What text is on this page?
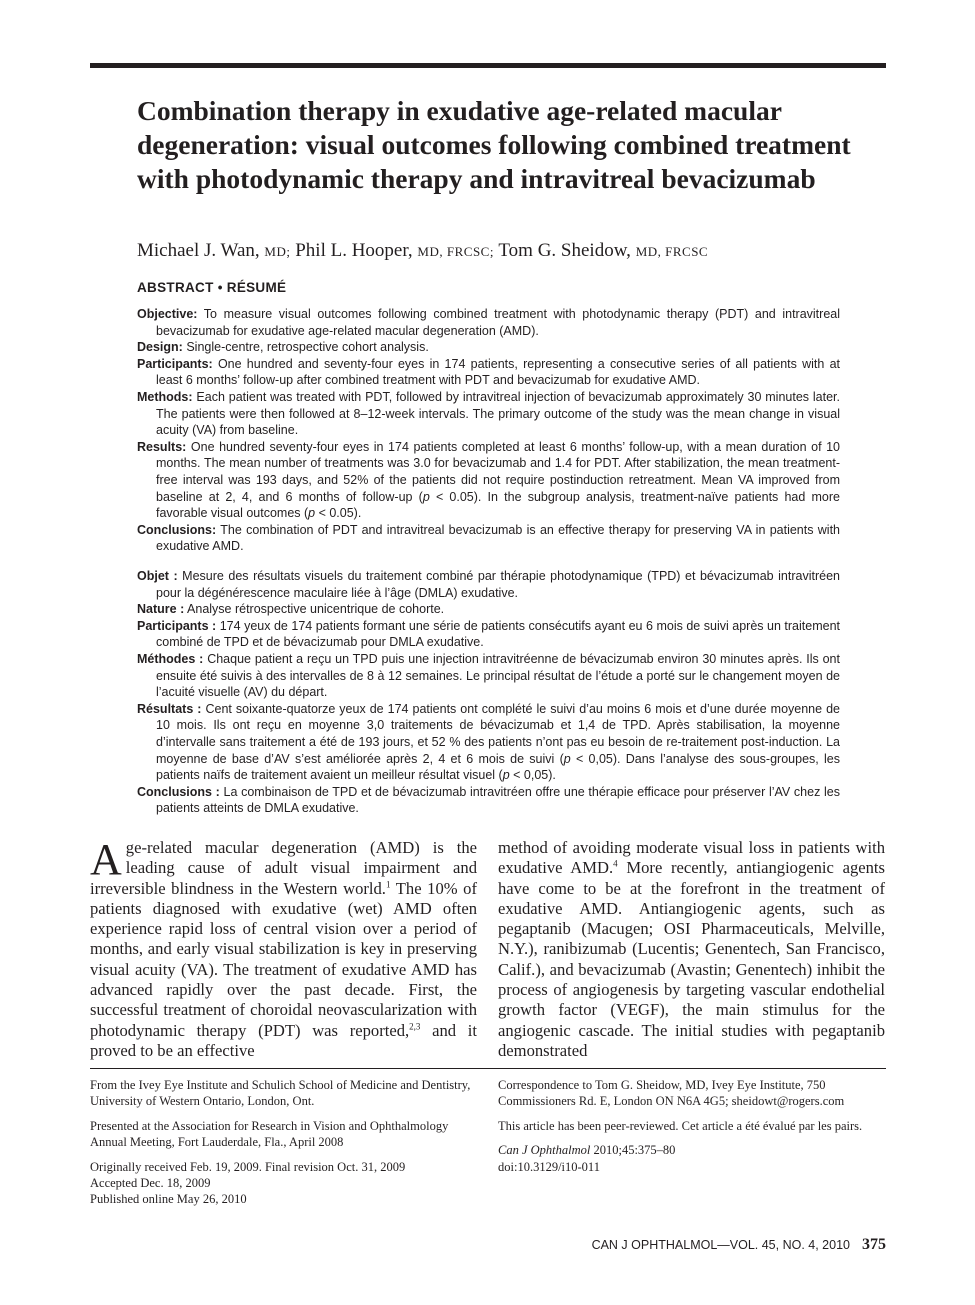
Combination therapy in exudative age-related macular degeneration: visual outcomes following combined treatment with photodynamic therapy and intravitreal bevacizumab
Michael J. Wan, MD; Phil L. Hooper, MD, FRCSC; Tom G. Sheidow, MD, FRCSC
ABSTRACT • RÉSUMÉ
Objective: To measure visual outcomes following combined treatment with photodynamic therapy (PDT) and intravitreal bevacizumab for exudative age-related macular degeneration (AMD).
Design: Single-centre, retrospective cohort analysis.
Participants: One hundred and seventy-four eyes in 174 patients, representing a consecutive series of all patients with at least 6 months’ follow-up after combined treatment with PDT and bevacizumab for exudative AMD.
Methods: Each patient was treated with PDT, followed by intravitreal injection of bevacizumab approximately 30 minutes later. The patients were then followed at 8–12-week intervals. The primary outcome of the study was the mean change in visual acuity (VA) from baseline.
Results: One hundred seventy-four eyes in 174 patients completed at least 6 months’ follow-up, with a mean duration of 10 months. The mean number of treatments was 3.0 for bevacizumab and 1.4 for PDT. After stabilization, the mean treatment-free interval was 193 days, and 52% of the patients did not require postinduction retreatment. Mean VA improved from baseline at 2, 4, and 6 months of follow-up (p < 0.05). In the subgroup analysis, treatment-naïve patients had more favorable visual outcomes (p < 0.05).
Conclusions: The combination of PDT and intravitreal bevacizumab is an effective therapy for preserving VA in patients with exudative AMD.
Objet : Mesure des résultats visuels du traitement combiné par thérapie photodynamique (TPD) et bévacizumab intravitréen pour la dégénérescence maculaire liée à l’âge (DMLA) exudative.
Nature : Analyse rétrospective unicentrique de cohorte.
Participants : 174 yeux de 174 patients formant une série de patients consécutifs ayant eu 6 mois de suivi après un traitement combiné de TPD et de bévacizumab pour DMLA exudative.
Méthodes : Chaque patient a reçu un TPD puis une injection intravitréenne de bévacizumab environ 30 minutes après. Ils ont ensuite été suivis à des intervalles de 8 à 12 semaines. Le principal résultat de l’étude a porté sur le changement moyen de l’acuité visuelle (AV) du départ.
Résultats : Cent soixante-quatorze yeux de 174 patients ont complété le suivi d’au moins 6 mois et d’une durée moyenne de 10 mois. Ils ont reçu en moyenne 3,0 traitements de bévacizumab et 1,4 de TPD. Après stabilisation, la moyenne d’intervalle sans traitement a été de 193 jours, et 52 % des patients n’ont pas eu besoin de re-traitement post-induction. La moyenne de base d’AV s’est améliorée après 2, 4 et 6 mois de suivi (p < 0,05). Dans l’analyse des sous-groupes, les patients naïfs de traitement avaient un meilleur résultat visuel (p < 0,05).
Conclusions : La combinaison de TPD et de bévacizumab intravitréen offre une thérapie efficace pour préserver l’AV chez les patients atteints de DMLA exudative.
Age-related macular degeneration (AMD) is the leading cause of adult visual impairment and irreversible blindness in the Western world.$^1$ The 10% of patients diagnosed with exudative (wet) AMD often experience rapid loss of central vision over a period of months, and early visual stabilization is key in preserving visual acuity (VA). The treatment of exudative AMD has advanced rapidly over the past decade. First, the successful treatment of choroidal neovascularization with photodynamic therapy (PDT) was reported,$^{2,3}$ and it proved to be an effective
method of avoiding moderate visual loss in patients with exudative AMD.$^4$ More recently, antiangiogenic agents have come to be at the forefront in the treatment of exudative AMD. Antiangiogenic agents, such as pegaptanib (Macugen; OSI Pharmaceuticals, Melville, N.Y.), ranibizumab (Lucentis; Genentech, San Francisco, Calif.), and bevacizumab (Avastin; Genentech) inhibit the process of angiogenesis by targeting vascular endothelial growth factor (VEGF), the main stimulus for the angiogenic cascade. The initial studies with pegaptanib demonstrated

From the Ivey Eye Institute and Schulich School of Medicine and Dentistry, University of Western Ontario, London, Ont.

Presented at the Association for Research in Vision and Ophthalmology Annual Meeting, Fort Lauderdale, Fla., April 2008

Originally received Feb. 19, 2009. Final revision Oct. 31, 2009
Accepted Dec. 18, 2009
Published online May 26, 2010

Correspondence to Tom G. Sheidow, MD, Ivey Eye Institute, 750 Commissioners Rd. E, London ON N6A 4G5; sheidowt@rogers.com

This article has been peer-reviewed. Cet article a été évalué par les pairs.

Can J Ophthalmol 2010;45:375–80
doi:10.3129/i10-011
CAN J OPHTHALMOL—VOL. 45, NO. 4, 2010 375
